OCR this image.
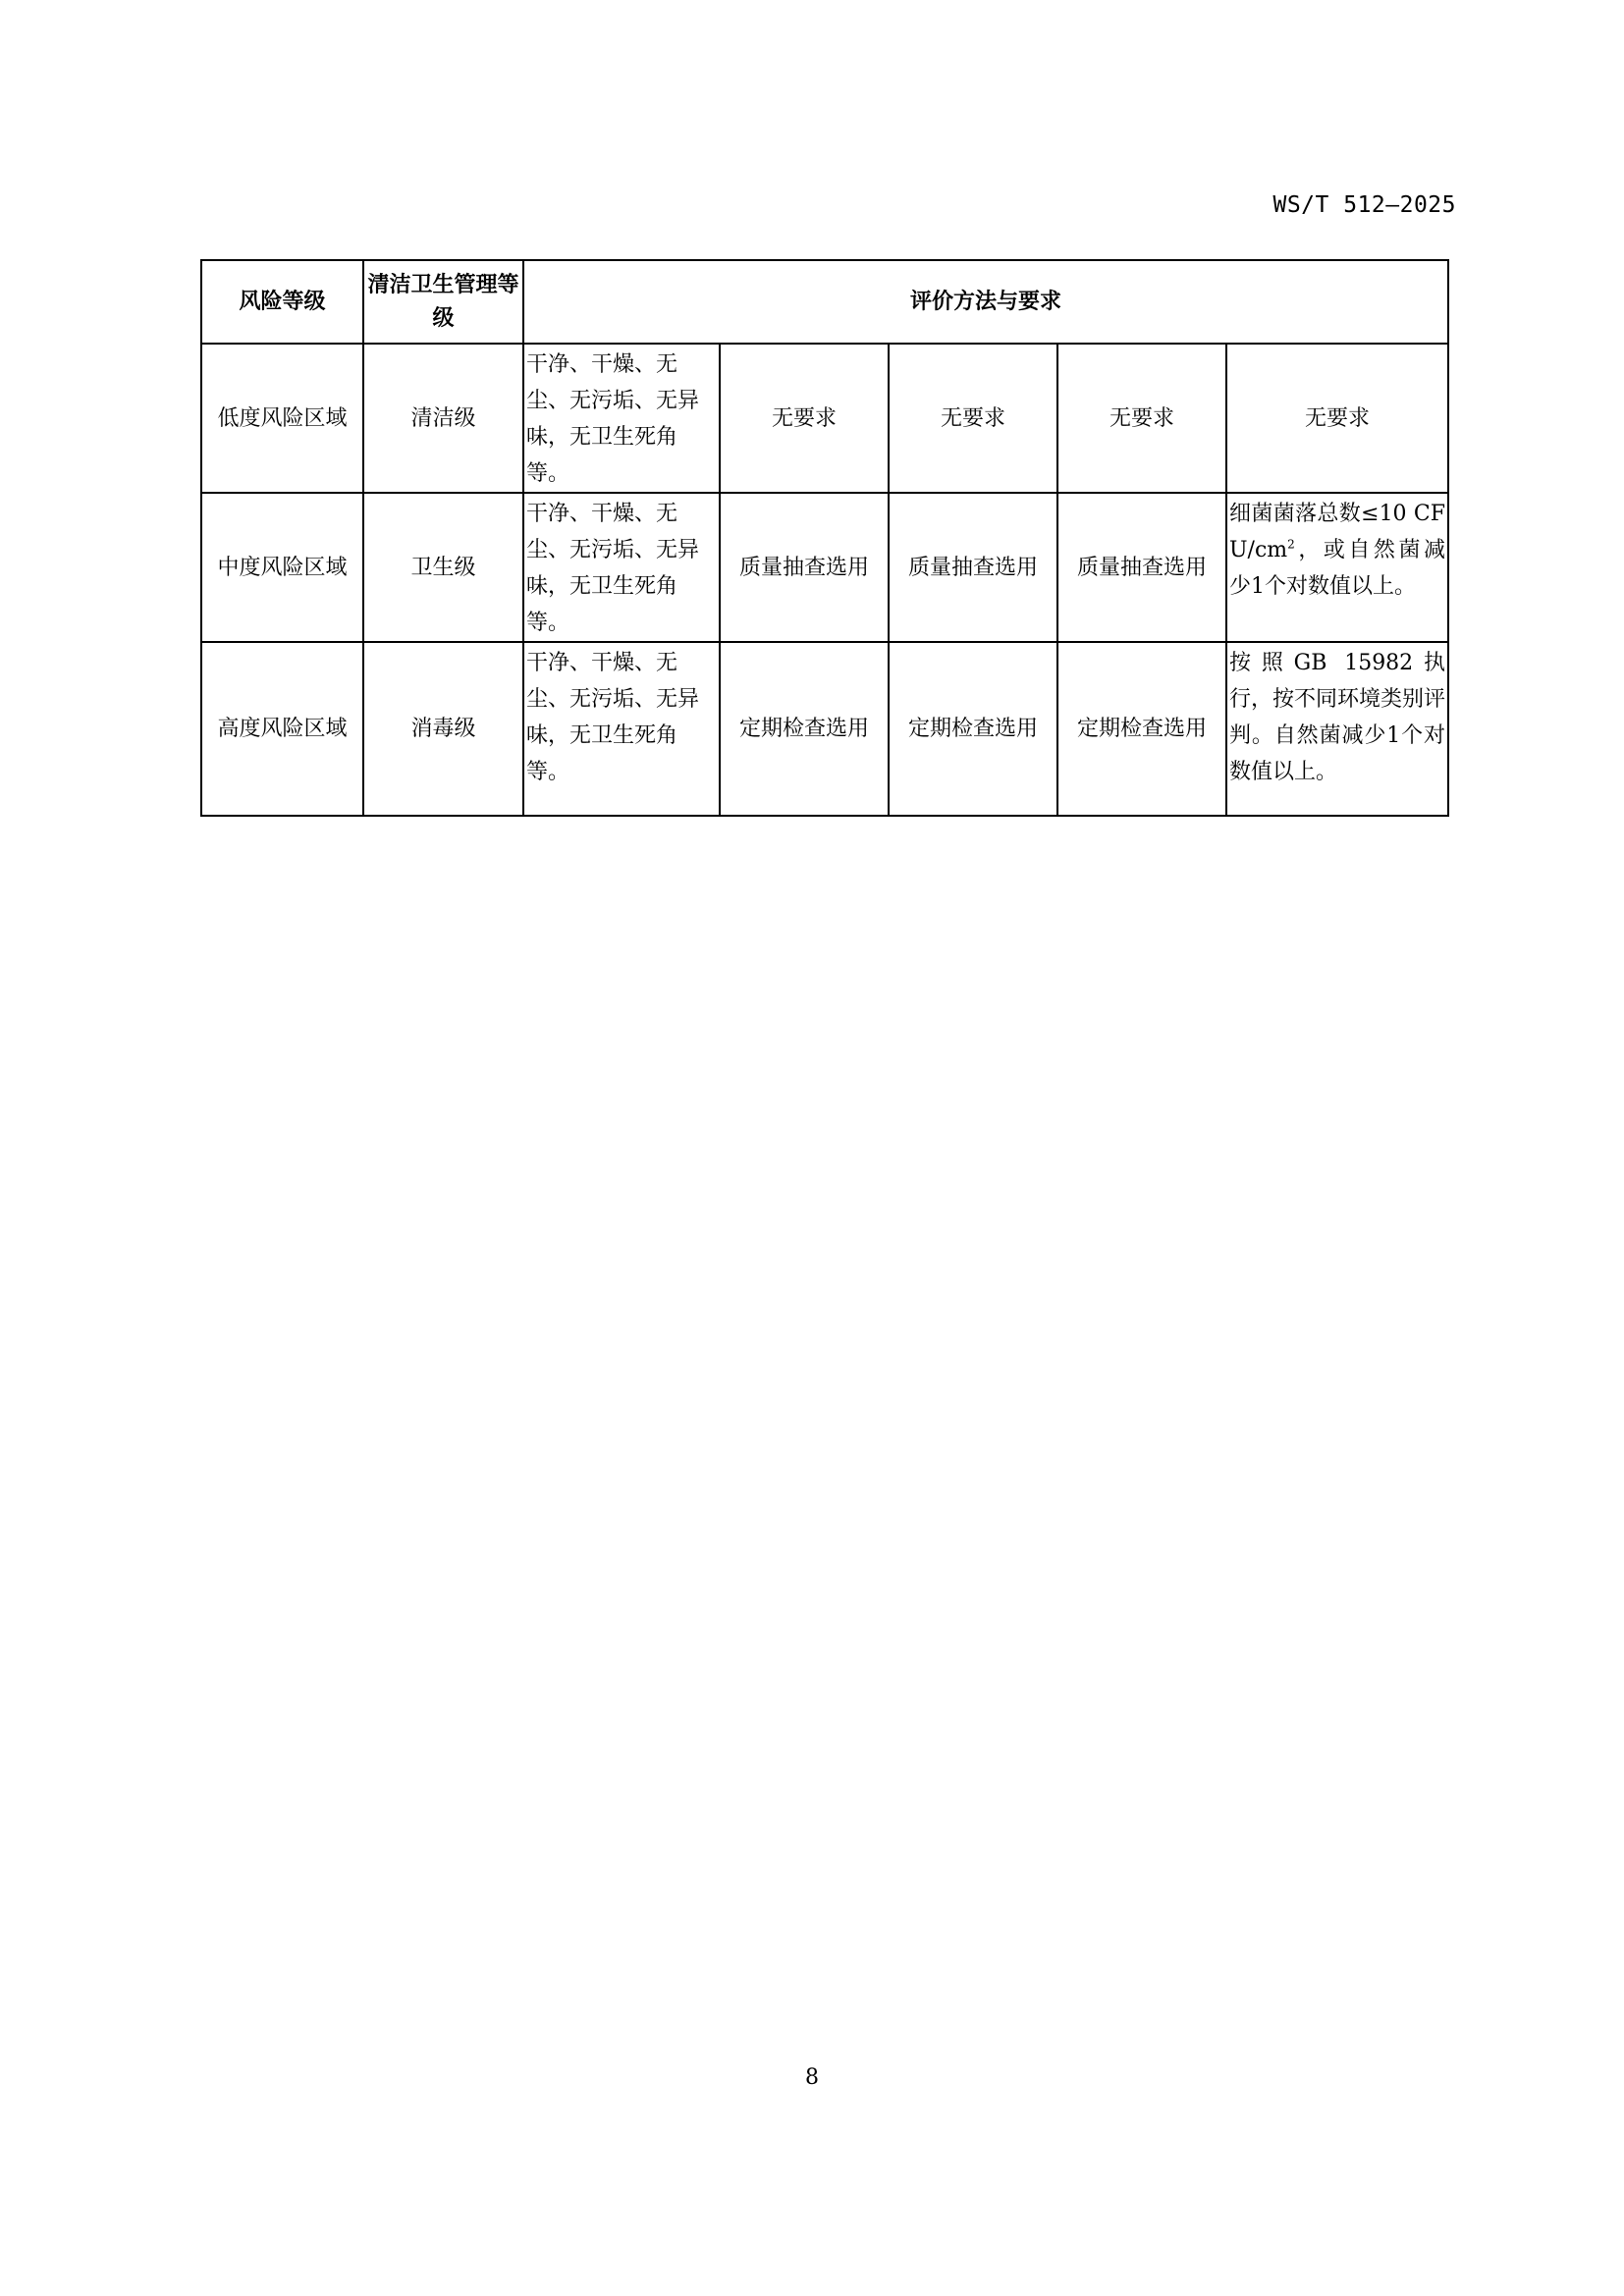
WS/T 512—2025
风险等级	清洁卫生管理等级	评价方法与要求				
低度风险区域	清洁级	干净、干燥、无尘、无污垢、无异味，无卫生死角等。	无要求	无要求	无要求	无要求
中度风险区域	卫生级	干净、干燥、无尘、无污垢、无异味，无卫生死角等。	质量抽查选用	质量抽查选用	质量抽查选用	细菌菌落总数≤10 CFU/$cm^2$，或自然菌减少1个对数值以上。
高度风险区域	消毒级	干净、干燥、无尘、无污垢、无异味，无卫生死角等。	定期检查选用	定期检查选用	定期检查选用	按照GB 15982执行，按不同环境类别评判。自然菌减少1个对数值以上。
8
